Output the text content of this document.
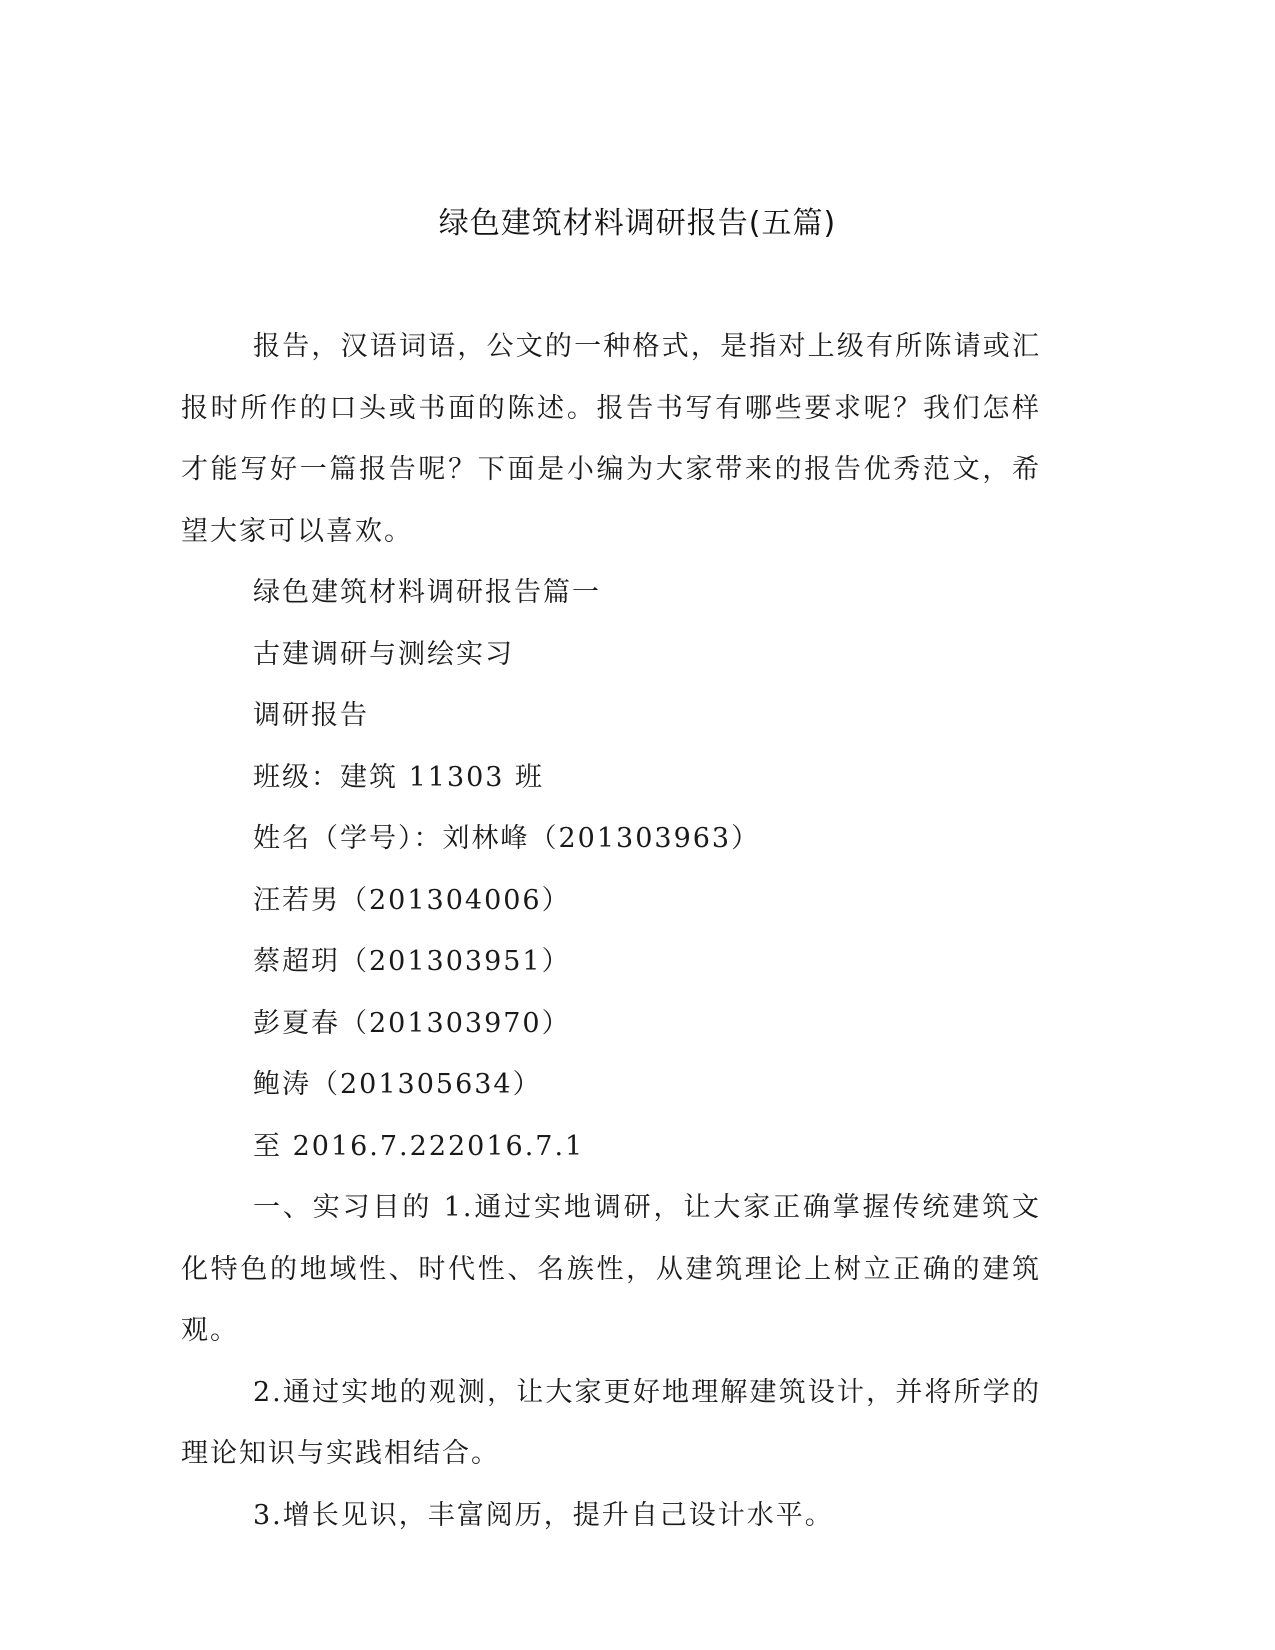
绿色建筑材料调研报告(五篇)

报告，汉语词语，公文的一种格式，是指对上级有所陈请或汇报时所作的口头或书面的陈述。报告书写有哪些要求呢？我们怎样才能写好一篇报告呢？下面是小编为大家带来的报告优秀范文，希望大家可以喜欢。

绿色建筑材料调研报告篇一

古建调研与测绘实习

调研报告

班级：建筑 11303 班

姓名（学号）：刘林峰（201303963）

汪若男（201304006）

蔡超玥（201303951）

彭夏春（201303970）

鲍涛（201305634）

至 2016.7.222016.7.1

一、实习目的 1.通过实地调研，让大家正确掌握传统建筑文化特色的地域性、时代性、名族性，从建筑理论上树立正确的建筑观。

2.通过实地的观测，让大家更好地理解建筑设计，并将所学的理论知识与实践相结合。

3.增长见识，丰富阅历，提升自己设计水平。
